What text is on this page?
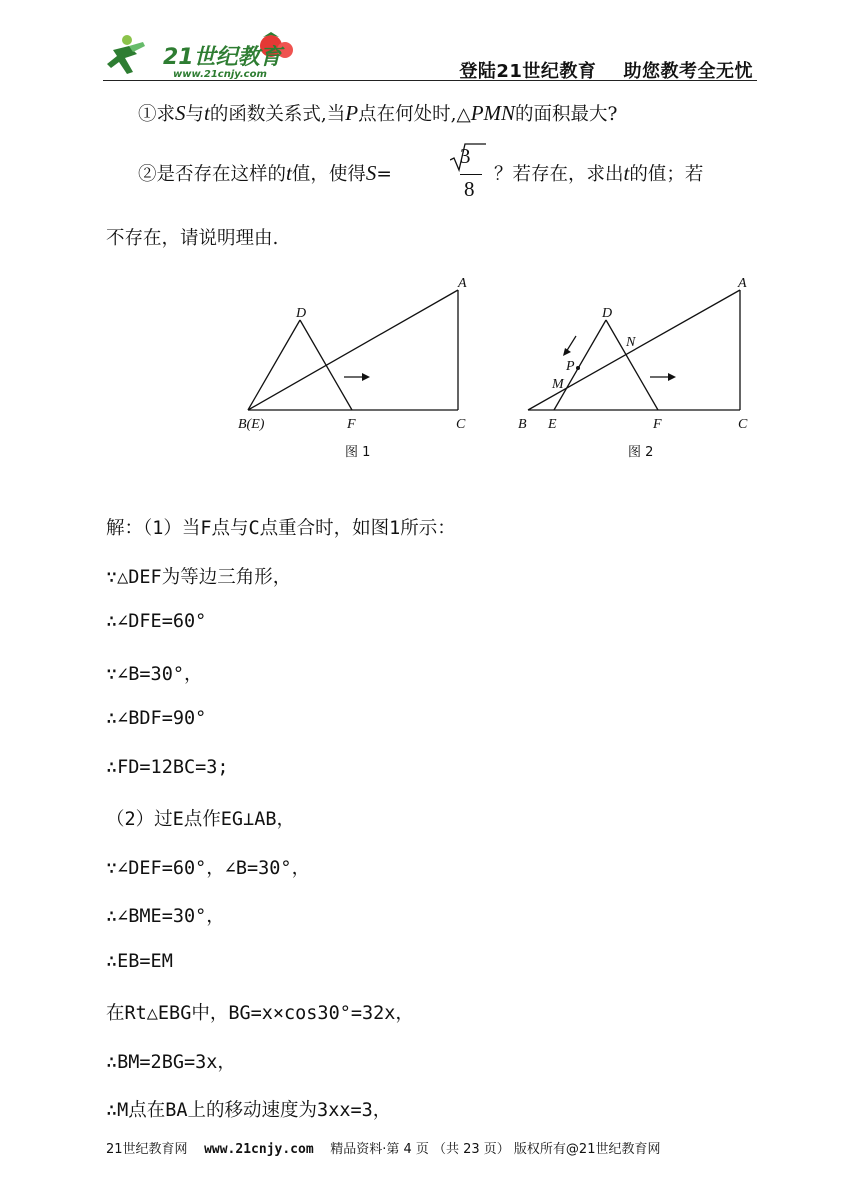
21世纪教育
www.21cnjy.com	登陆21世纪教育    助您教考全无忧
①求S与t的函数关系式,当P点在何处时,△PMN的面积最大?
②是否存在这样的t值，使得S=
3
8
？若存在，求出t的值；若
不存在，请说明理由.
A
D
B(E)	F	C
图 1
A
D
N
P
M
B E	F	C
图 2
解：（1）当F点与C点重合时，如图1所示：
∵△DEF为等边三角形，
∴∠DFE=60°
∵∠B=30°，
∴∠BDF=90°
∴FD=12BC=3;
（2）过E点作EG⊥AB，
∵∠DEF=60°，∠B=30°，
∴∠BME=30°，
∴EB=EM
在Rt△EBG中，BG=x×cos30°=32x，
∴BM=2BG=3x，
∴M点在BA上的移动速度为3xx=3，
21世纪教育网 www.21cnjy.com 精品资料·第 4 页 （共 23 页） 版权所有@21世纪教育网
